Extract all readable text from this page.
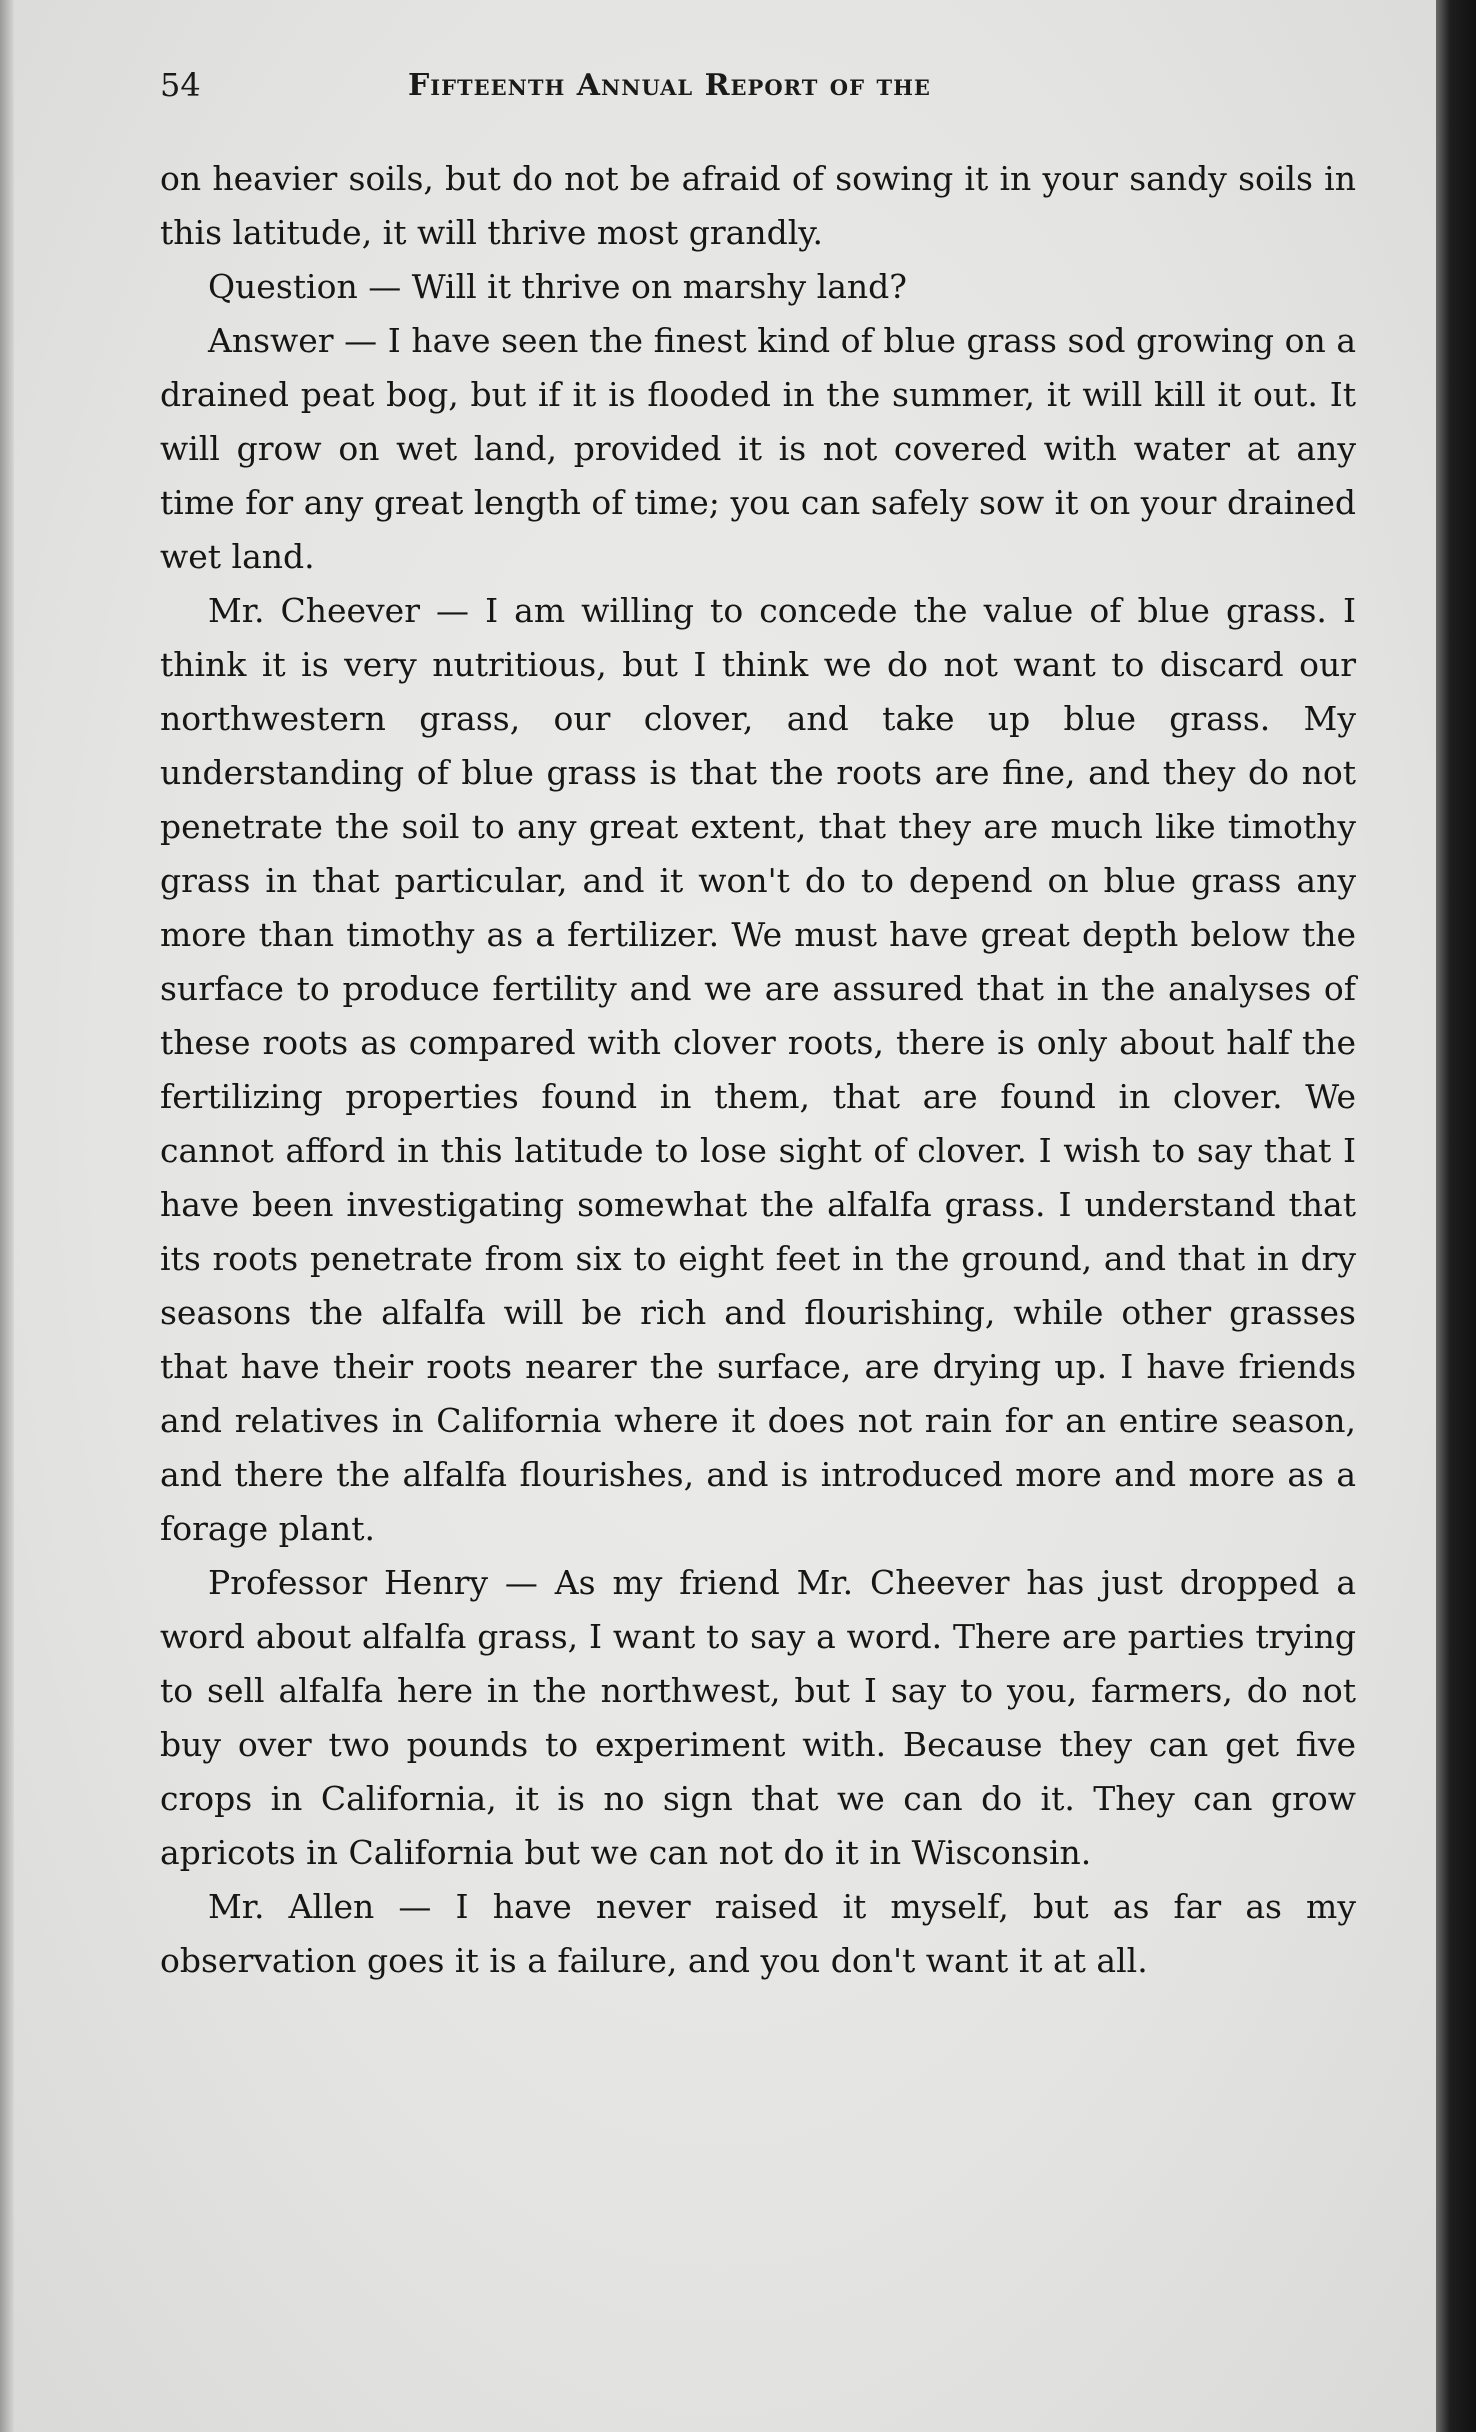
54	Fifteenth Annual Report of the

on heavier soils, but do not be afraid of sowing it in your sandy soils in this latitude, it will thrive most grandly.

Question — Will it thrive on marshy land?

Answer — I have seen the finest kind of blue grass sod growing on a drained peat bog, but if it is flooded in the summer, it will kill it out. It will grow on wet land, provided it is not covered with water at any time for any great length of time; you can safely sow it on your drained wet land.

Mr. Cheever — I am willing to concede the value of blue grass. I think it is very nutritious, but I think we do not want to discard our northwestern grass, our clover, and take up blue grass. My understanding of blue grass is that the roots are fine, and they do not penetrate the soil to any great extent, that they are much like timothy grass in that particular, and it won't do to depend on blue grass any more than timothy as a fertilizer. We must have great depth below the surface to produce fertility and we are assured that in the analyses of these roots as compared with clover roots, there is only about half the fertilizing properties found in them, that are found in clover. We cannot afford in this latitude to lose sight of clover. I wish to say that I have been investigating somewhat the alfalfa grass. I understand that its roots penetrate from six to eight feet in the ground, and that in dry seasons the alfalfa will be rich and flourishing, while other grasses that have their roots nearer the surface, are drying up. I have friends and relatives in California where it does not rain for an entire season, and there the alfalfa flourishes, and is introduced more and more as a forage plant.

Professor Henry — As my friend Mr. Cheever has just dropped a word about alfalfa grass, I want to say a word. There are parties trying to sell alfalfa here in the northwest, but I say to you, farmers, do not buy over two pounds to experiment with. Because they can get five crops in California, it is no sign that we can do it. They can grow apricots in California but we can not do it in Wisconsin.

Mr. Allen — I have never raised it myself, but as far as my observation goes it is a failure, and you don't want it at all.
